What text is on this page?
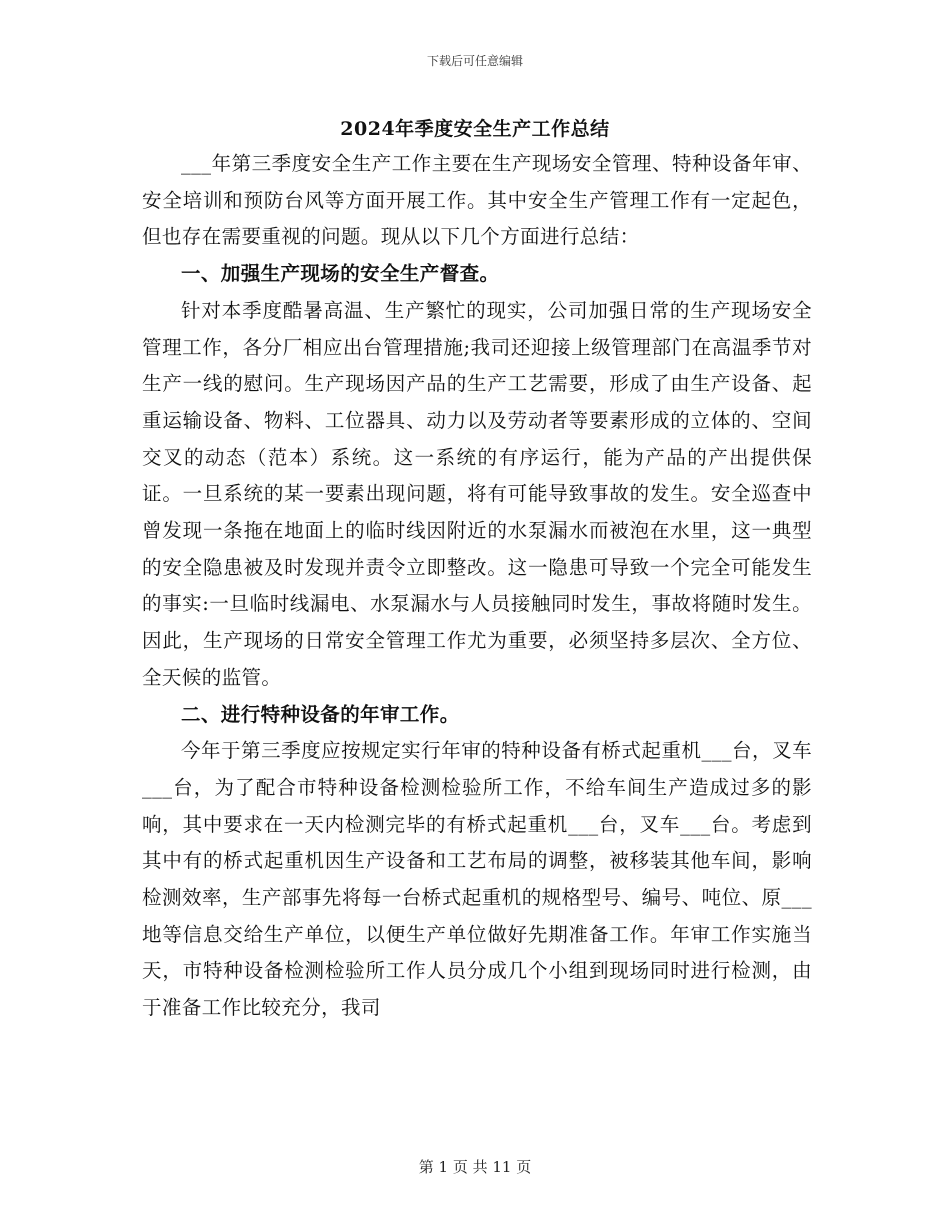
下载后可任意编辑
2024年季度安全生产工作总结

___年第三季度安全生产工作主要在生产现场安全管理、特种设备年审、安全培训和预防台风等方面开展工作。其中安全生产管理工作有一定起色，但也存在需要重视的问题。现从以下几个方面进行总结：

一、加强生产现场的安全生产督查。

针对本季度酷暑高温、生产繁忙的现实，公司加强日常的生产现场安全管理工作，各分厂相应出台管理措施;我司还迎接上级管理部门在高温季节对生产一线的慰问。生产现场因产品的生产工艺需要，形成了由生产设备、起重运输设备、物料、工位器具、动力以及劳动者等要素形成的立体的、空间交叉的动态（范本）系统。这一系统的有序运行，能为产品的产出提供保证。一旦系统的某一要素出现问题，将有可能导致事故的发生。安全巡查中曾发现一条拖在地面上的临时线因附近的水泵漏水而被泡在水里，这一典型的安全隐患被及时发现并责令立即整改。这一隐患可导致一个完全可能发生的事实:一旦临时线漏电、水泵漏水与人员接触同时发生，事故将随时发生。因此，生产现场的日常安全管理工作尤为重要，必须坚持多层次、全方位、全天候的监管。

二、进行特种设备的年审工作。

今年于第三季度应按规定实行年审的特种设备有桥式起重机___台，叉车___台，为了配合市特种设备检测检验所工作，不给车间生产造成过多的影响，其中要求在一天内检测完毕的有桥式起重机___台，叉车___台。考虑到其中有的桥式起重机因生产设备和工艺布局的调整，被移装其他车间，影响检测效率，生产部事先将每一台桥式起重机的规格型号、编号、吨位、原___地等信息交给生产单位，以便生产单位做好先期准备工作。年审工作实施当天，市特种设备检测检验所工作人员分成几个小组到现场同时进行检测，由于准备工作比较充分，我司

第 1 页 共 11 页
